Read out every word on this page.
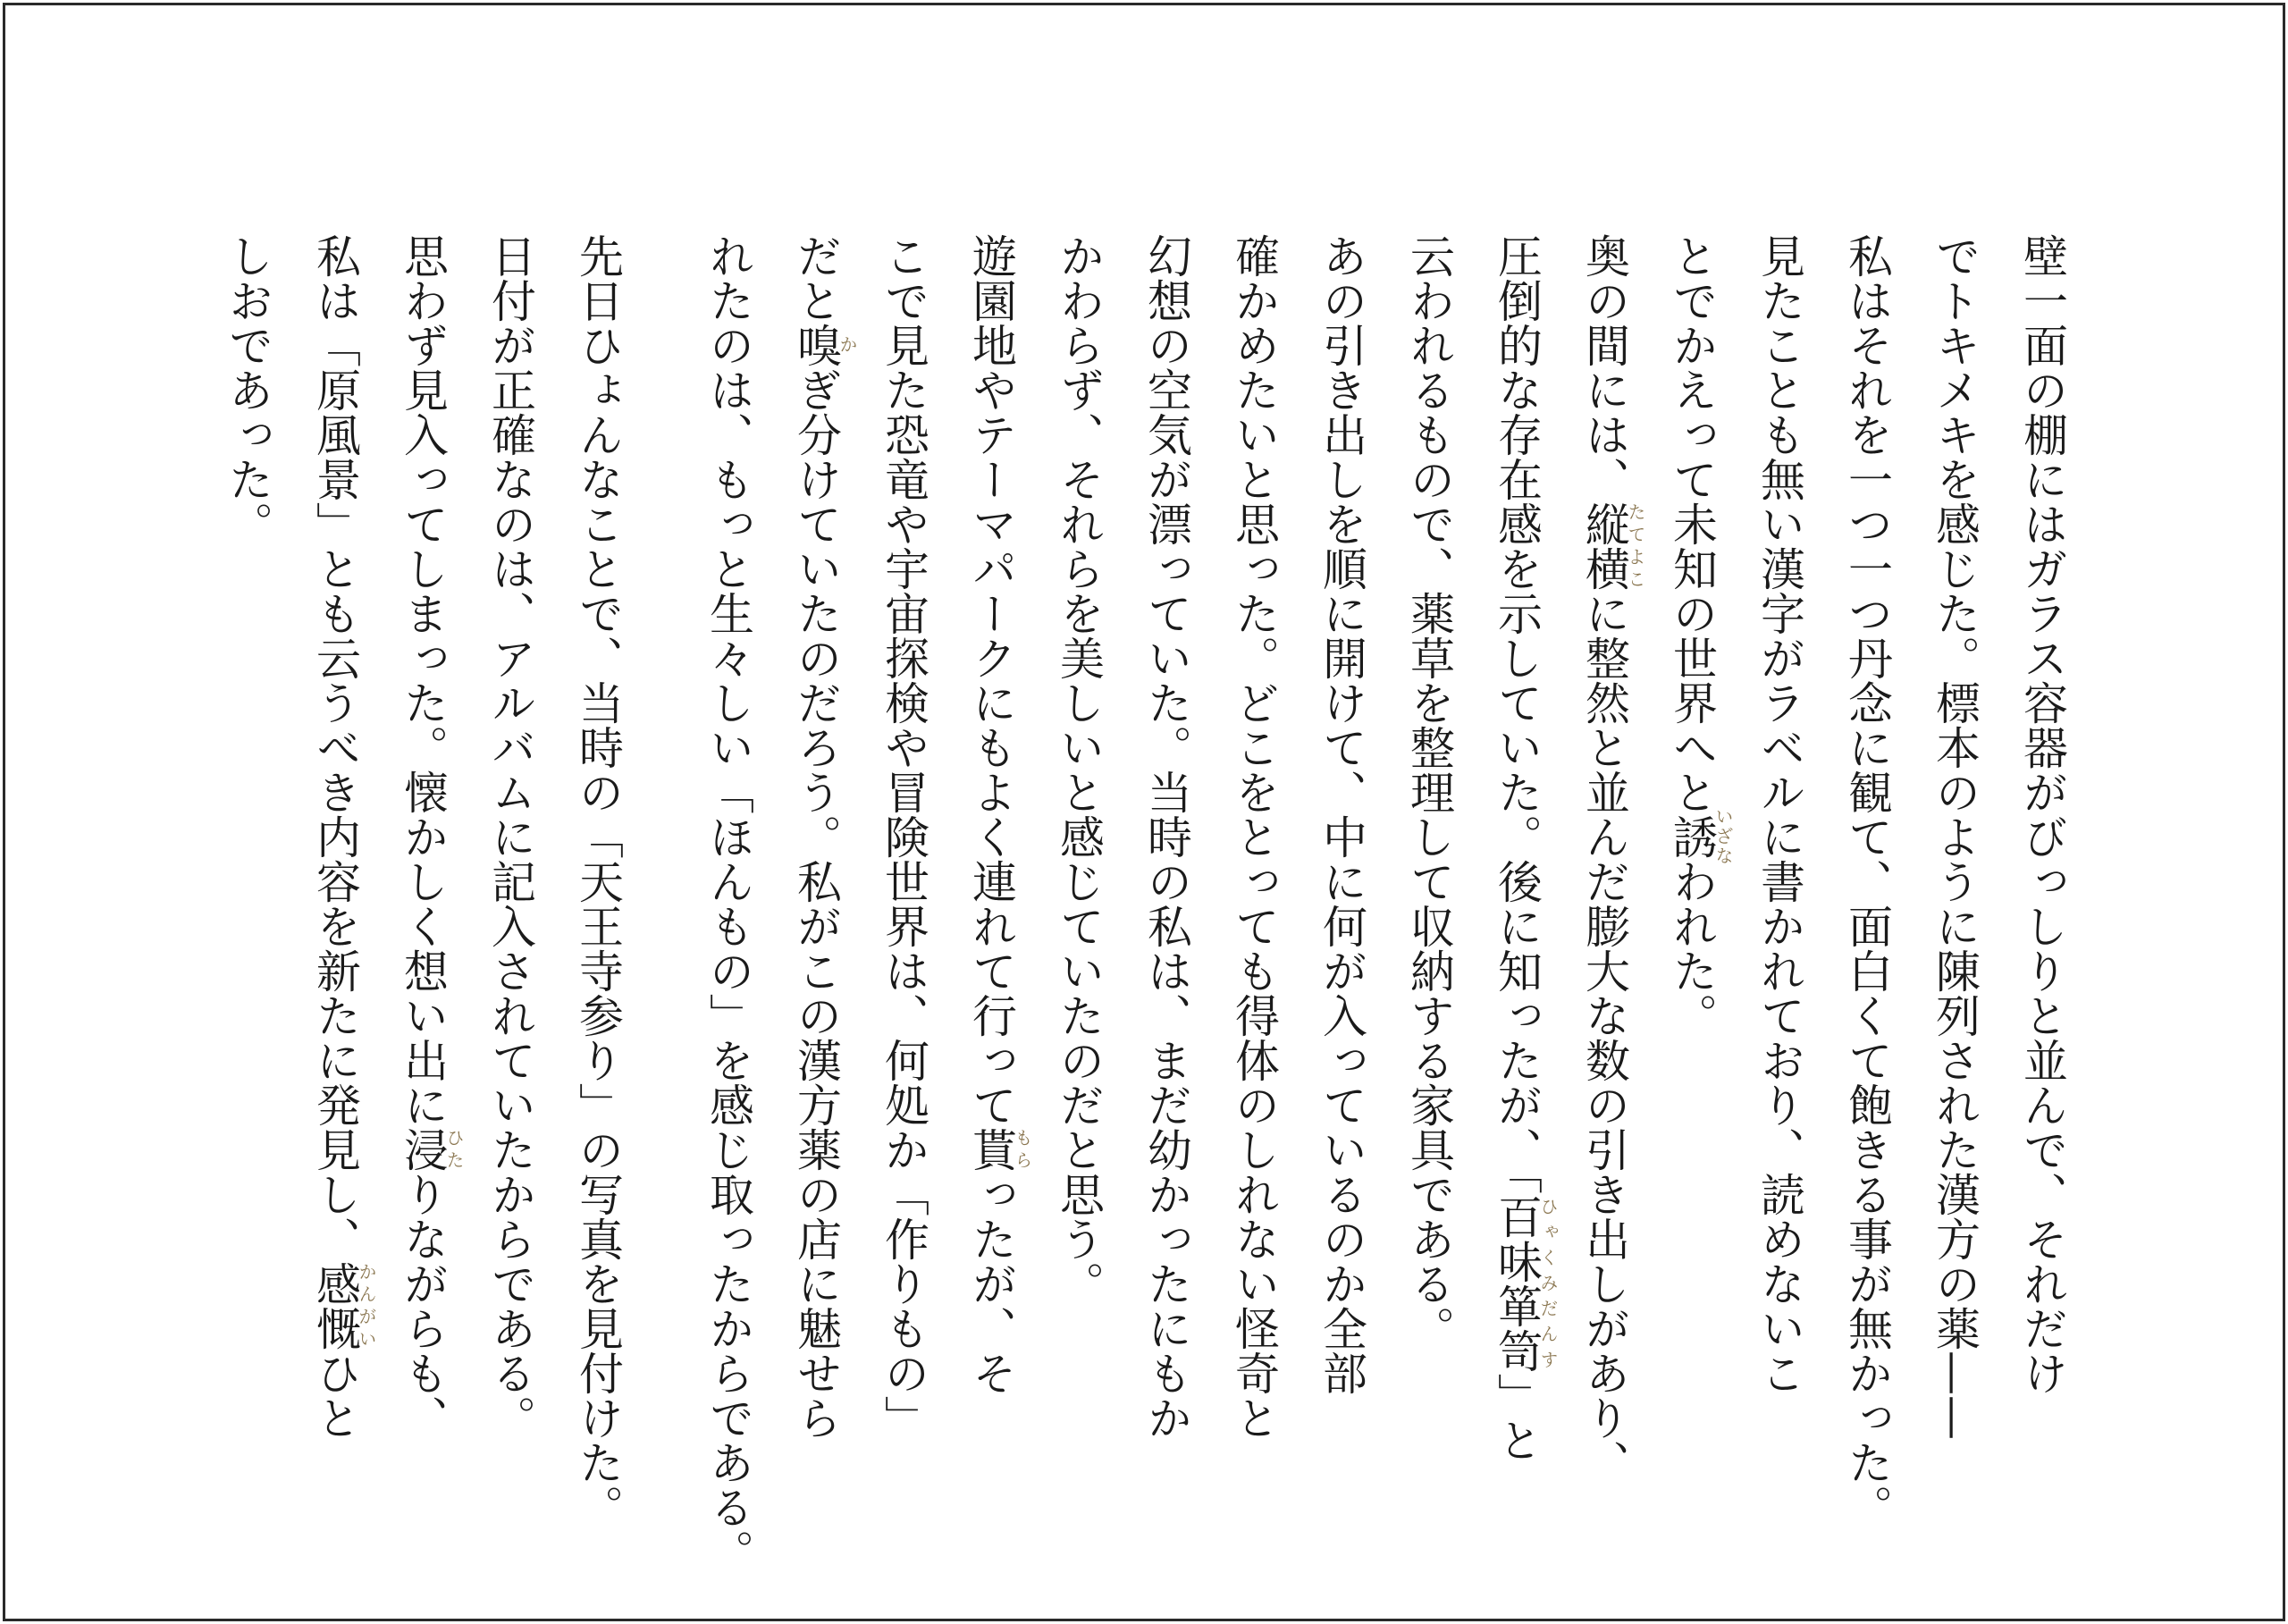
壁一面の棚にはガラス容器がびっしりと並んで、それだけ
でトキメキを感じた。標本のように陳列された漢方の薬——
私はそれを一つ一つ丹念に観て、面白くて飽きる事が無かった。
見たことも無い漢字がラベルに書かれており、読めないこ
とでかえって未知の世界へと誘いざなわれた。

奥の間には、縦横たてよこに整然と並んだ膨大な数の引き出しがあり、
圧倒的な存在感を示していた。後に知ったが、「百味箪笥ひゃくみだんす」と
云われるもので、薬草を整理して収納する家具である。

あの引き出しを順に開けて、中に何が入っているのか全部
確かめたいと思った。どこをとっても得体のしれない怪奇と
幻想の空気が漂っていた。当時の私は、まだ幼かったにもか
かわらず、それらを美しいと感じていたのだと思う。

遊園地やテーマパークにもよく連れて行って貰もらったが、そ
こで見た恐竜や宇宙探検や冒険世界は、何処か「作りもの」
だと嗅かぎ分けていたのだろう。私がこの漢方薬の店に魅せら
れたのは、もっと生々しい「ほんもの」を感じ取ったからである。

先日ひょんなことで、当時の「天王寺参り」の写真を見付けた。
日付が正確なのは、アルバムに記入されていたからである。
思わず見入ってしまった。懐かしく想い出に浸ひたりながらも、
私は「原風景」とも云うべき内容を新たに発見し、感慨かんがいひと
しおであった。
